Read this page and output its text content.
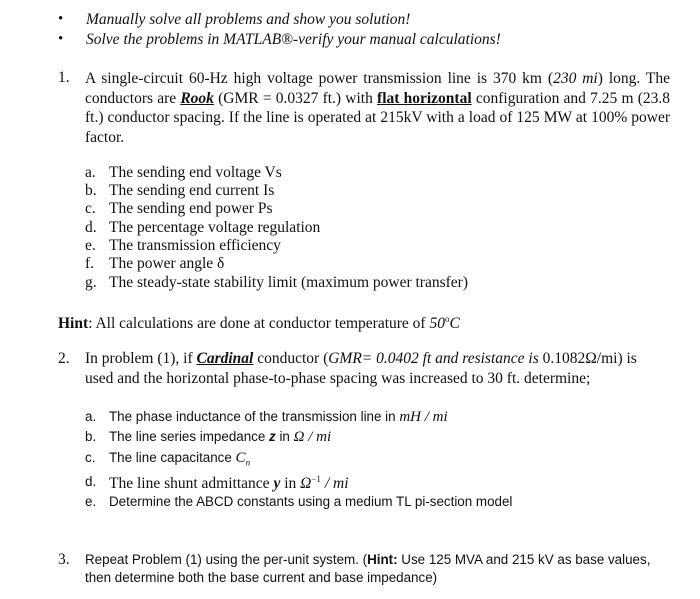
• Manually solve all problems and show you solution!
• Solve the problems in MATLAB®-verify your manual calculations!
1. A single-circuit 60-Hz high voltage power transmission line is 370 km (230 mi) long. The conductors are Rook (GMR = 0.0327 ft.) with flat horizontal configuration and 7.25 m (23.8 ft.) conductor spacing. If the line is operated at 215kV with a load of 125 MW at 100% power factor.
a. The sending end voltage Vs
b. The sending end current Is
c. The sending end power Ps
d. The percentage voltage regulation
e. The transmission efficiency
f. The power angle δ
g. The steady-state stability limit (maximum power transfer)
Hint: All calculations are done at conductor temperature of 50$^o$C
2. In problem (1), if Cardinal conductor (GMR= 0.0402 ft and resistance is 0.1082Ω/mi) is
used and the horizontal phase-to-phase spacing was increased to 30 ft. determine;
a. The phase inductance of the transmission line in mH / mi
b. The line series impedance z in Ω / mi
c. The line capacitance $C_n$
d. The line shunt admittance y in $\Omega^{-1}$ / mi
e. Determine the ABCD constants using a medium TL pi-section model
3. Repeat Problem (1) using the per-unit system. (Hint: Use 125 MVA and 215 kV as base values,
then determine both the base current and base impedance)
